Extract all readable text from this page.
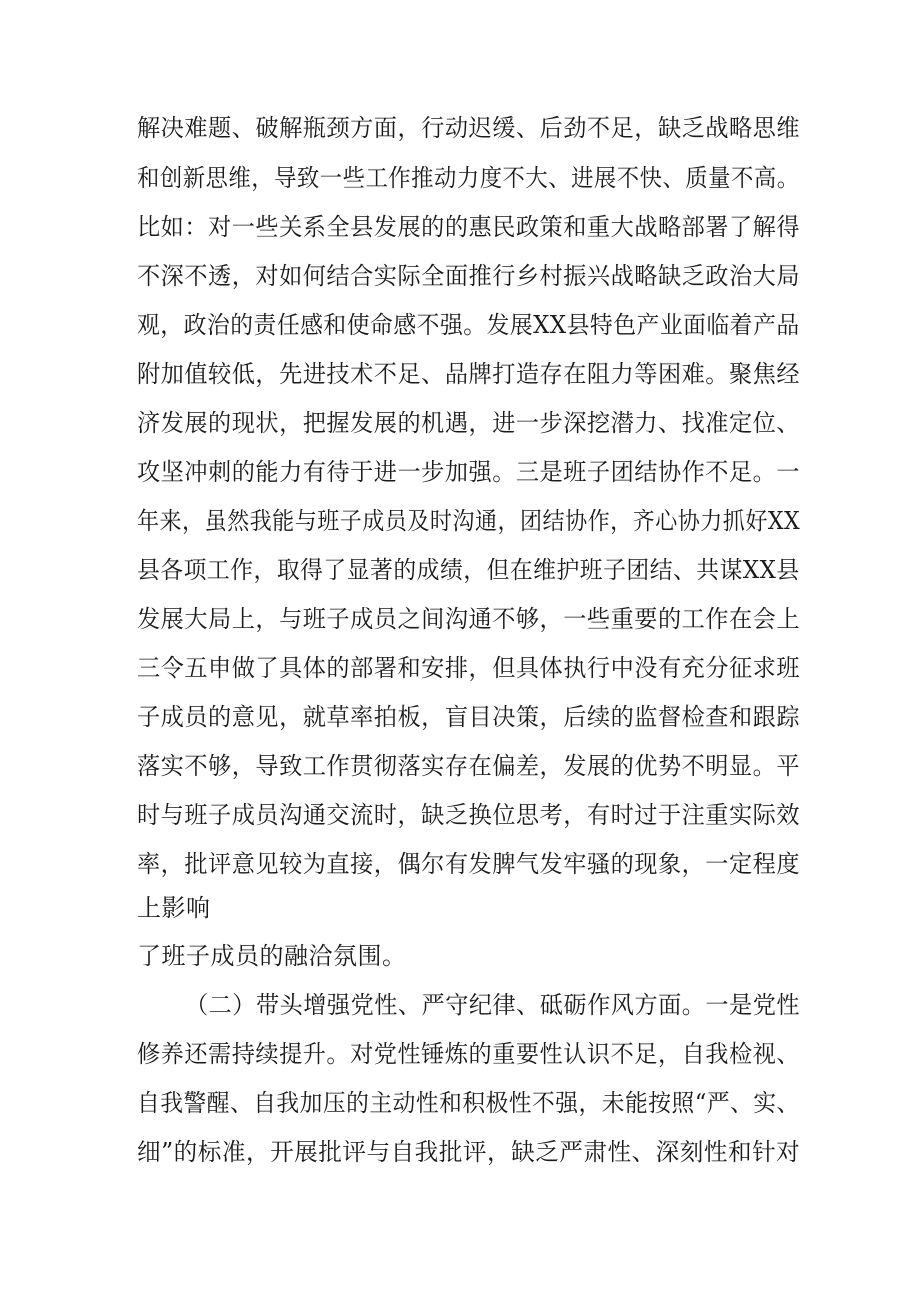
解决难题、破解瓶颈方面，行动迟缓、后劲不足，缺乏战略思维
和创新思维，导致一些工作推动力度不大、进展不快、质量不高。
比如：对一些关系全县发展的的惠民政策和重大战略部署了解得
不深不透，对如何结合实际全面推行乡村振兴战略缺乏政治大局
观，政治的责任感和使命感不强。发展XX县特色产业面临着产品
附加值较低，先进技术不足、品牌打造存在阻力等困难。聚焦经
济发展的现状，把握发展的机遇，进一步深挖潜力、找准定位、
攻坚冲刺的能力有待于进一步加强。三是班子团结协作不足。一
年来，虽然我能与班子成员及时沟通，团结协作，齐心协力抓好XX
县各项工作，取得了显著的成绩，但在维护班子团结、共谋XX县
发展大局上，与班子成员之间沟通不够，一些重要的工作在会上
三令五申做了具体的部署和安排，但具体执行中没有充分征求班
子成员的意见，就草率拍板，盲目决策，后续的监督检查和跟踪
落实不够，导致工作贯彻落实存在偏差，发展的优势不明显。平
时与班子成员沟通交流时，缺乏换位思考，有时过于注重实际效
率，批评意见较为直接，偶尔有发脾气发牢骚的现象，一定程度
上影响
了班子成员的融洽氛围。
（二）带头增强党性、严守纪律、砥砺作风方面。一是党性
修养还需持续提升。对党性锤炼的重要性认识不足，自我检视、
自我警醒、自我加压的主动性和积极性不强，未能按照“严、实、
细”的标准，开展批评与自我批评，缺乏严肃性、深刻性和针对
